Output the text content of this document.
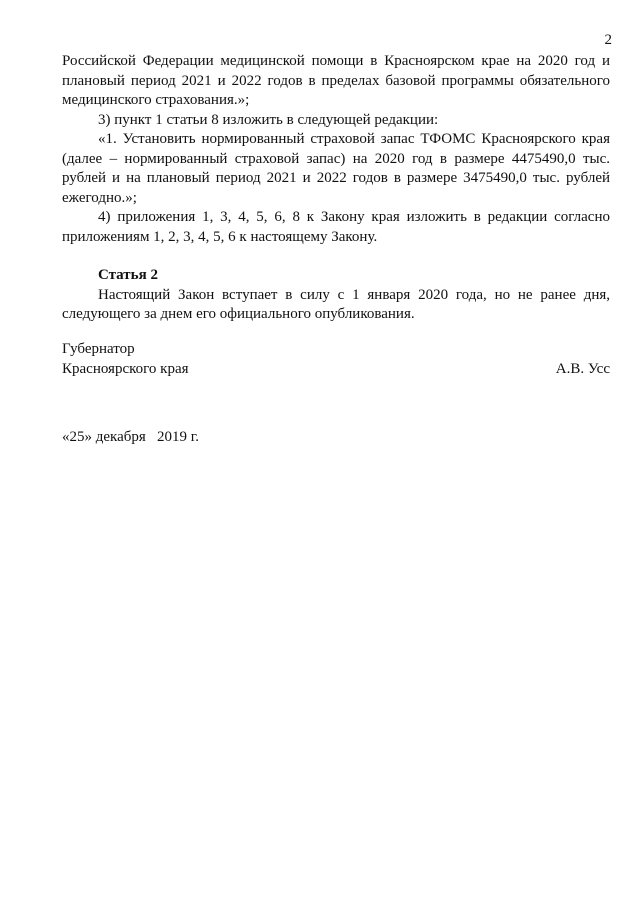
2

Российской Федерации медицинской помощи в Красноярском крае на 2020 год и плановый период 2021 и 2022 годов в пределах базовой программы обязательного медицинского страхования.»;

3) пункт 1 статьи 8 изложить в следующей редакции:

«1. Установить нормированный страховой запас ТФОМС Красноярского края (далее – нормированный страховой запас) на 2020 год в размере 4475490,0 тыс. рублей и на плановый период 2021 и 2022 годов в размере 3475490,0 тыс. рублей ежегодно.»;

4) приложения 1, 3, 4, 5, 6, 8 к Закону края изложить в редакции согласно приложениям 1, 2, 3, 4, 5, 6 к настоящему Закону.

Статья 2

Настоящий Закон вступает в силу с 1 января 2020 года, но не ранее дня, следующего за днем его официального опубликования.

Губернатор
Красноярского края	А.В. Усс
«25» декабря   2019 г.
